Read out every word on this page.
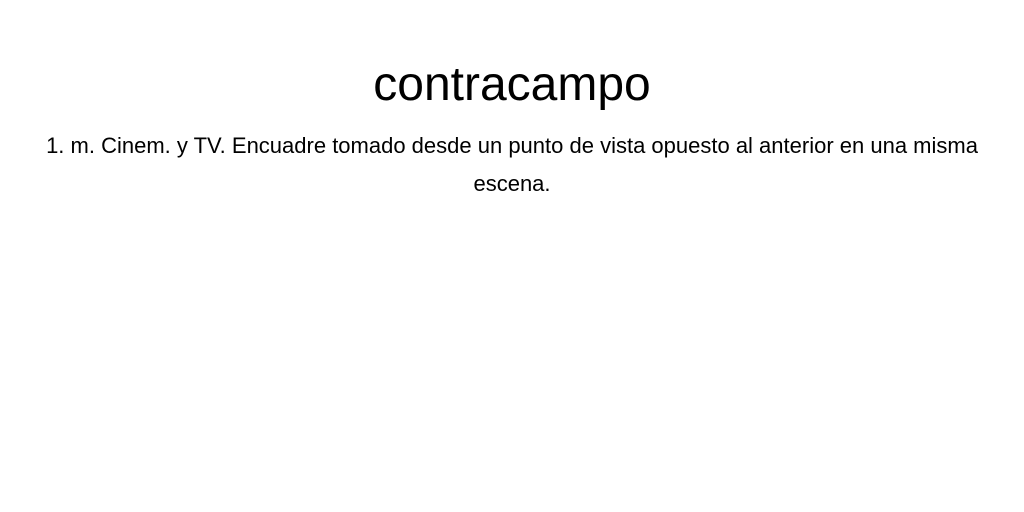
contracampo

1. m. Cinem. y TV. Encuadre tomado desde un punto de vista opuesto al anterior en una misma escena.
